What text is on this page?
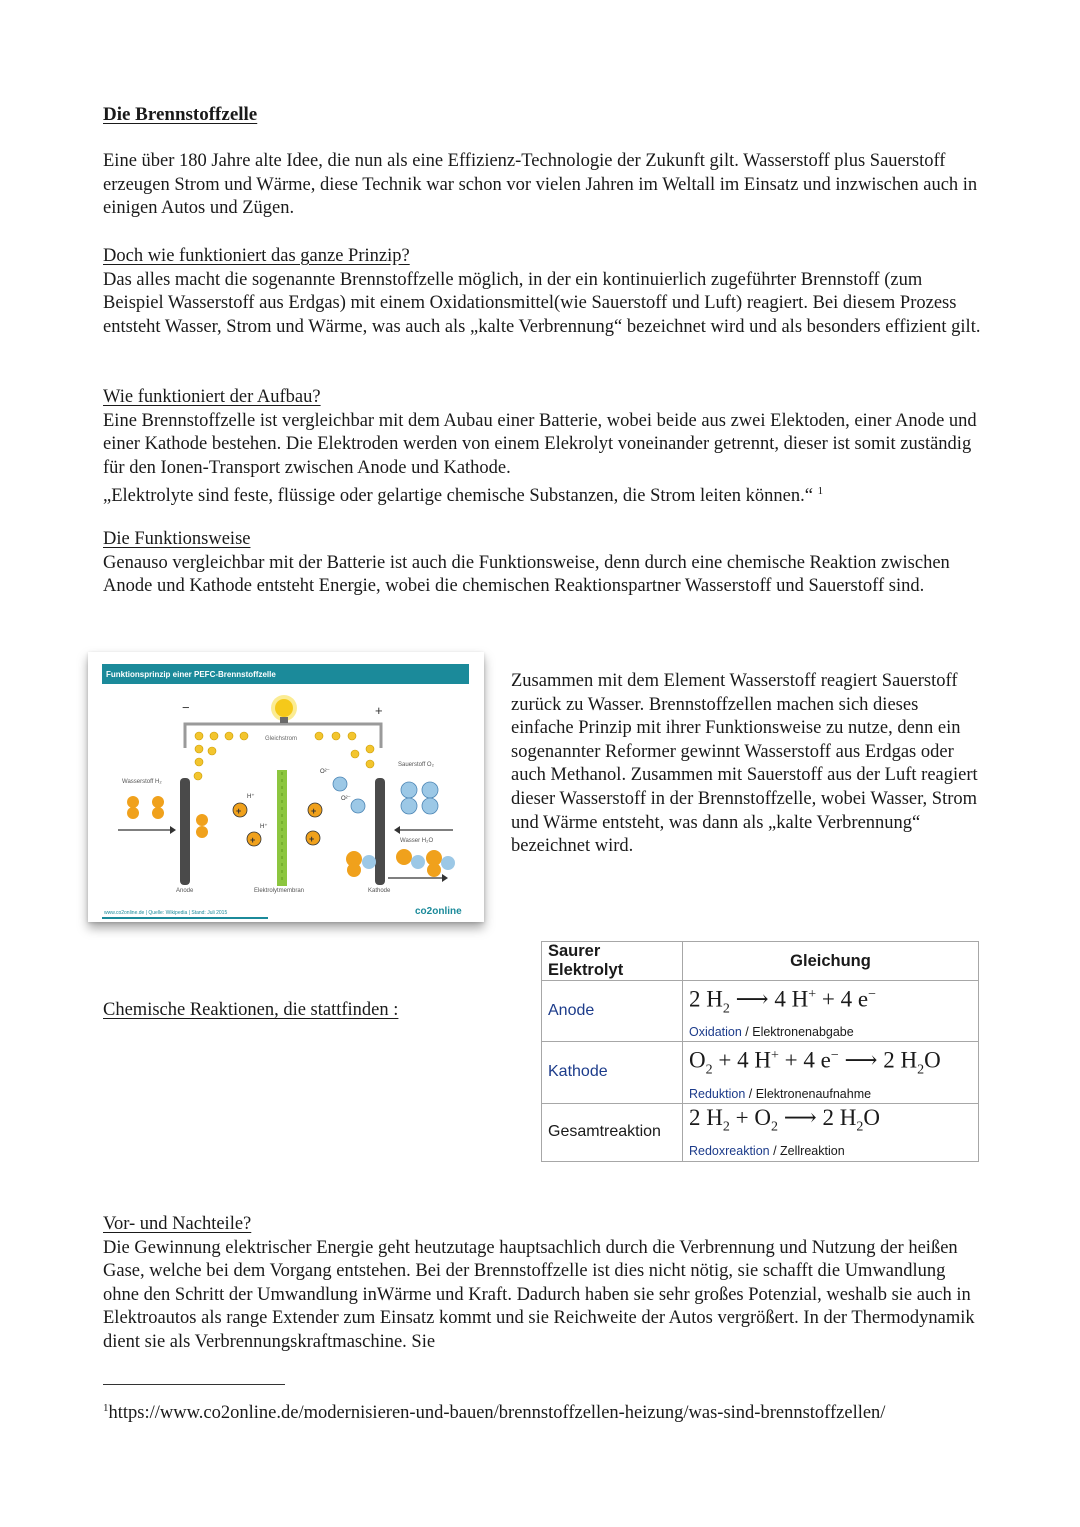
Die Brennstoffzelle

Eine über 180 Jahre alte Idee, die nun als eine Effizienz-Technologie der Zukunft gilt. Wasserstoff plus Sauerstoff erzeugen Strom und Wärme, diese Technik war schon vor vielen Jahren im Weltall im Einsatz und inzwischen auch in einigen Autos und Zügen.

Doch wie funktioniert das ganze Prinzip?
Das alles macht die sogenannte Brennstoffzelle möglich, in der ein kontinuierlich zugeführter Brennstoff (zum Beispiel Wasserstoff aus Erdgas) mit einem Oxidationsmittel(wie Sauerstoff und Luft) reagiert. Bei diesem Prozess entsteht Wasser, Strom und Wärme, was auch als „kalte Verbrennung“ bezeichnet wird und als besonders effizient gilt.
Wie funktioniert der Aufbau?
Eine Brennstoffzelle ist vergleichbar mit dem Aubau einer Batterie, wobei beide aus zwei Elektoden, einer Anode und einer Kathode bestehen. Die Elektroden werden von einem Elekrolyt voneinander getrennt, dieser ist somit zuständig für den Ionen-Transport zwischen Anode und Kathode.
„Elektrolyte sind feste, flüssige oder gelartige chemische Substanzen, die Strom leiten können.“ $^1$
Die Funktionsweise
Genauso vergleichbar mit der Batterie ist auch die Funktionsweise, denn durch eine chemische Reaktion zwischen Anode und Kathode entsteht Energie, wobei die chemischen Reaktionspartner Wasserstoff und Sauerstoff sind.
Funktionsprinzip einer PEFC-Brennstoffzelle
−	+
Gleichstrom
Wasserstoff H₂
+
+
+
+
H⁺
H⁺
O²⁻
O²⁻
Sauerstoff O₂
Wasser H₂O
Anode	Elektrolytmembran	Kathode
www.co2online.de | Quelle: Wikipedia | Stand: Juli 2015	co2online

Zusammen mit dem Element Wasserstoff reagiert Sauerstoff zurück zu Wasser. Brennstoffzellen machen sich dieses einfache Prinzip mit ihrer Funktionsweise zu nutze, denn ein sogenannter Reformer gewinnt Wasserstoff aus Erdgas oder auch Methanol. Zusammen mit Sauerstoff aus der Luft reagiert dieser Wasserstoff in der Brennstoffzelle, wobei Wasser, Strom und Wärme entsteht, was dann als „kalte Verbrennung“ bezeichnet wird.

Chemische Reaktionen, die stattfinden :

Saurer Elektrolyt	Gleichung
Anode	2 $H_2$ ⟶ 4 H+ + 4 e−
Oxidation / Elektronenabgabe

Kathode	$O_2 + 4$ H+ + 4 e− ⟶ 2 $H_2O$
Reduktion / Elektronenaufnahme

Gesamtreaktion	2 $H_2 + O_2$ ⟶ 2 $H_2O$
Redoxreaktion / Zellreaktion
Vor- und Nachteile?
Die Gewinnung elektrischer Energie geht heutzutage hauptsachlich durch die Verbrennung und Nutzung der heißen Gase, welche bei dem Vorgang entstehen. Bei der Brennstoffzelle ist dies nicht nötig, sie schafft die Umwandlung ohne den Schritt der Umwandlung inWärme und Kraft. Dadurch haben sie sehr großes Potenzial, weshalb sie auch in Elektroautos als range Extender zum Einsatz kommt und sie Reichweite der Autos vergrößert. In der Thermodynamik dient sie als Verbrennungskraftmaschine. Sie

$^1$https://www.co2online.de/modernisieren-und-bauen/brennstoffzellen-heizung/was-sind-brennstoffzellen/
